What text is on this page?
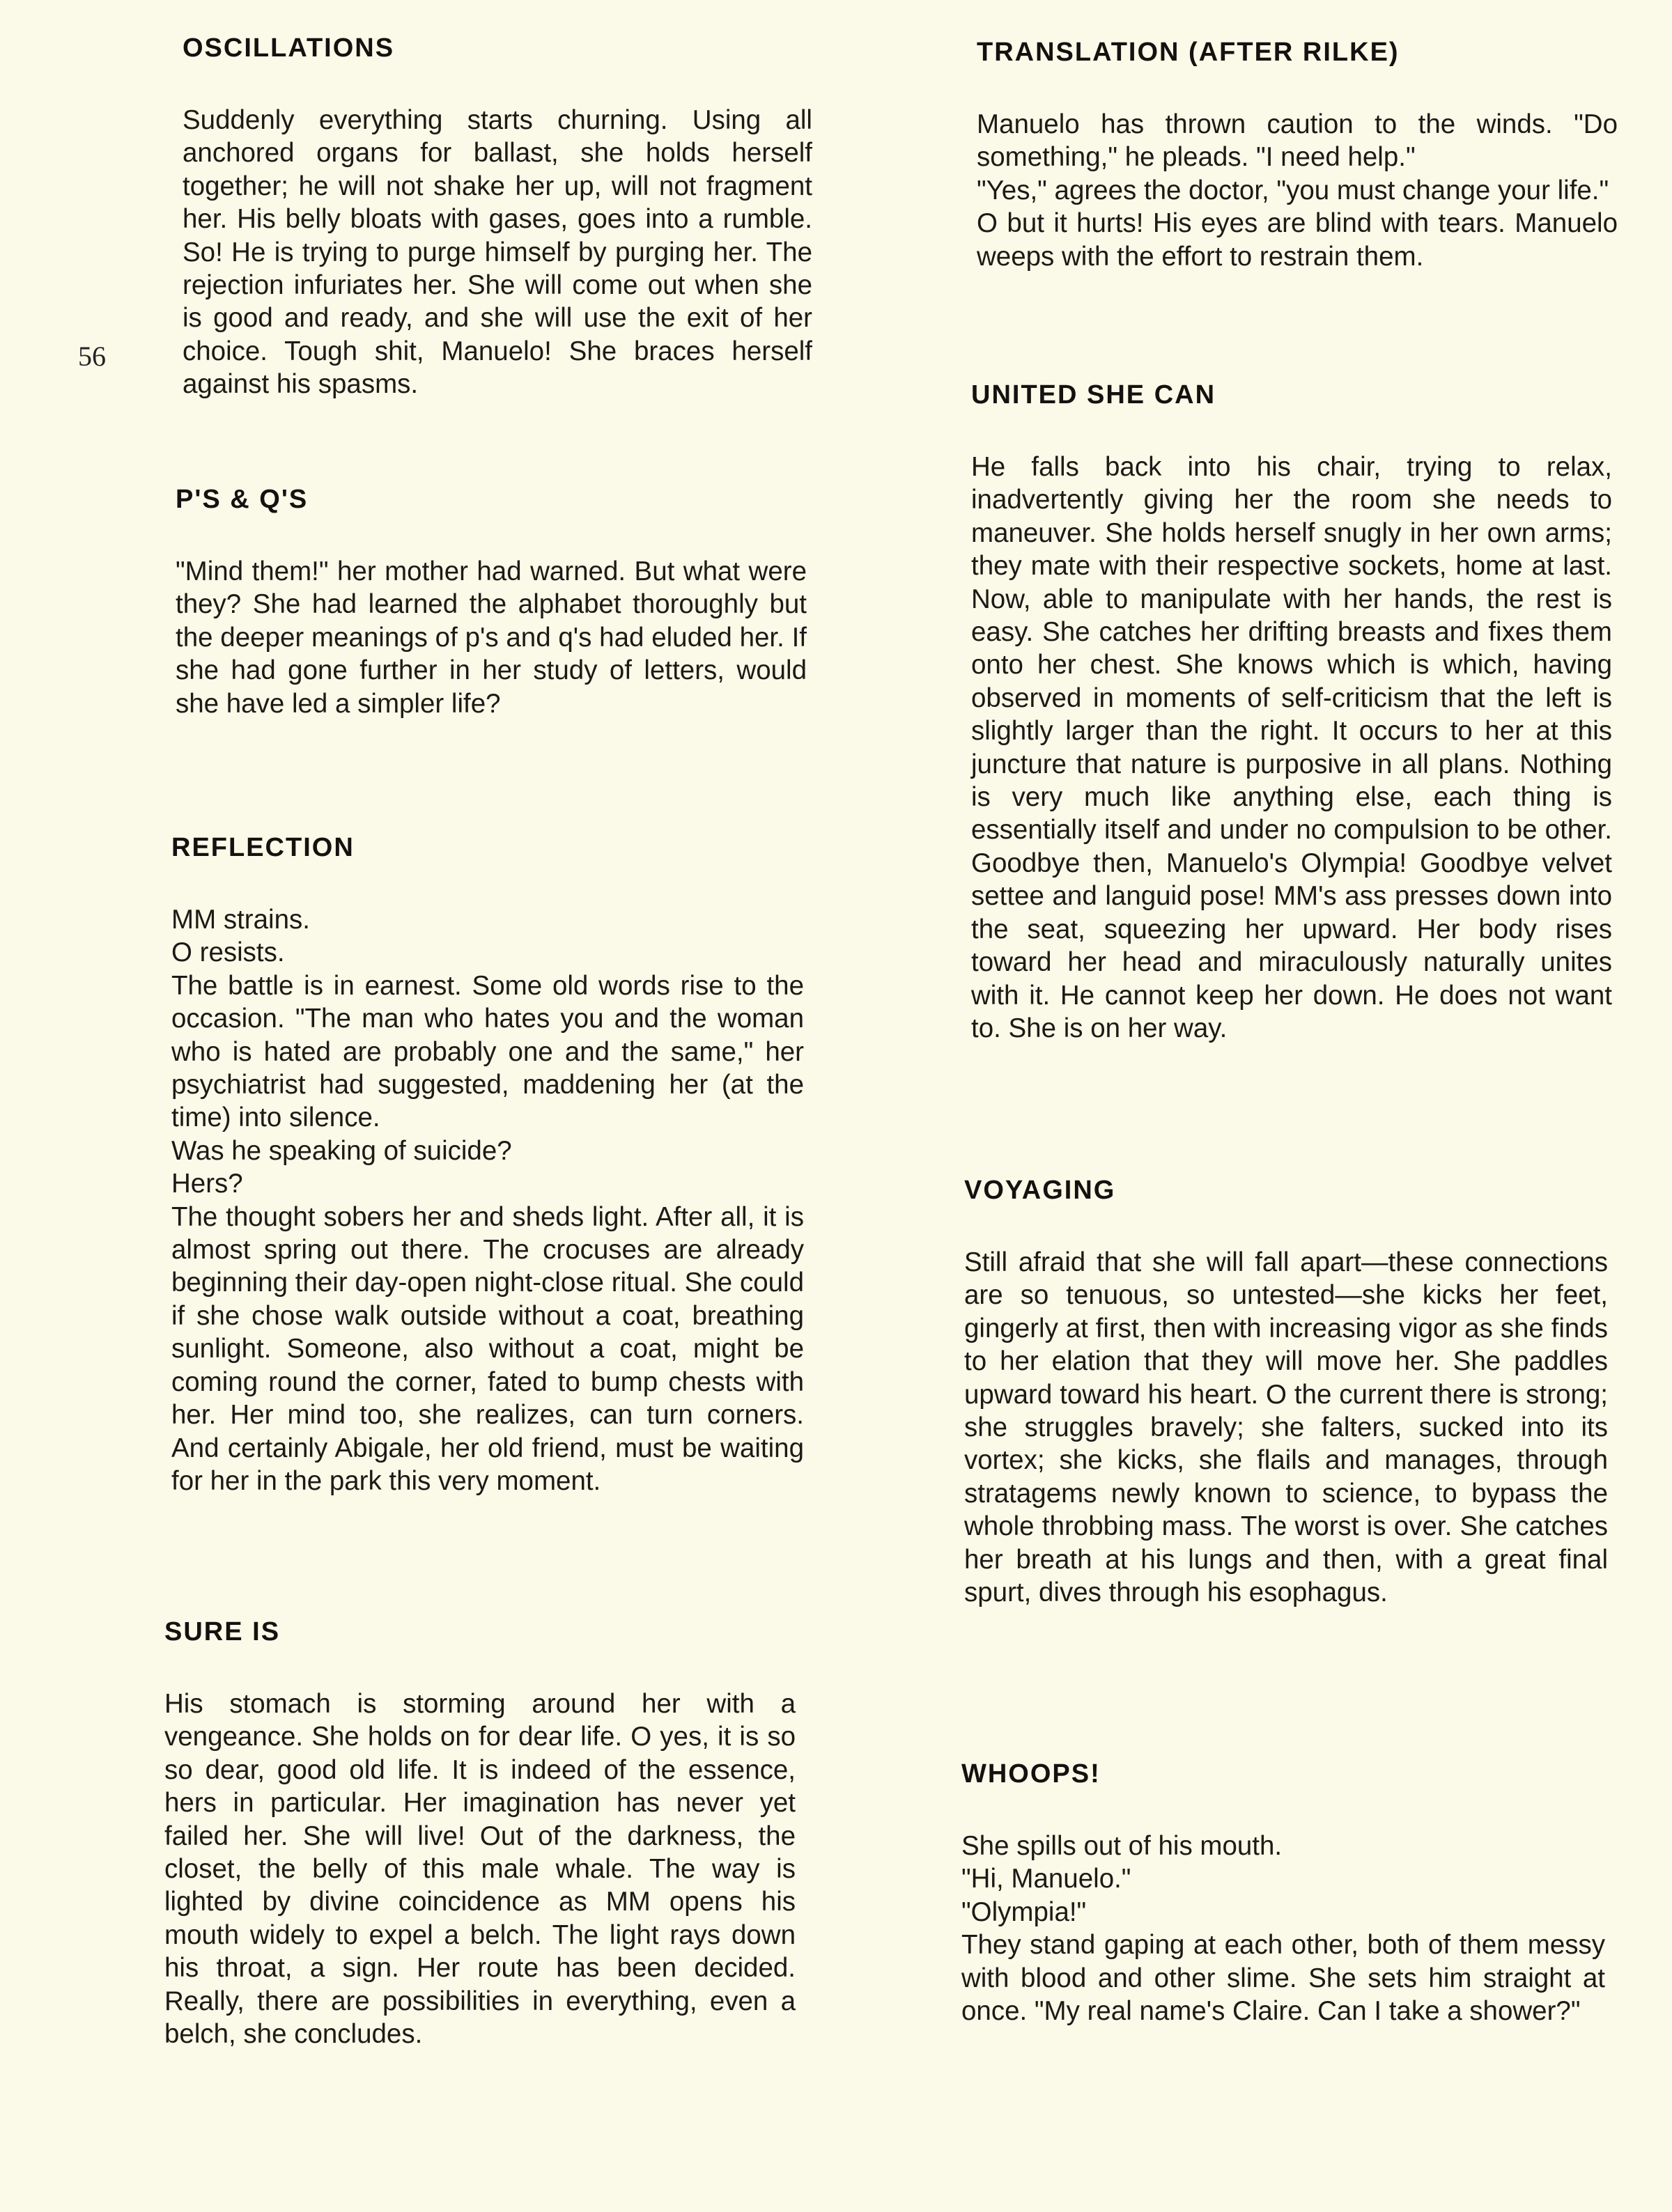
56
OSCILLATIONS

Suddenly everything starts churning. Using all anchored organs for ballast, she holds herself together; he will not shake her up, will not fragment her. His belly bloats with gases, goes into a rumble. So! He is trying to purge himself by purging her. The rejection infuriates her. She will come out when she is good and ready, and she will use the exit of her choice. Tough shit, Manuelo! She braces herself against his spasms.

P'S & Q'S

"Mind them!" her mother had warned. But what were they? She had learned the alphabet thoroughly but the deeper meanings of p's and q's had eluded her. If she had gone further in her study of letters, would she have led a simpler life?

REFLECTION

MM strains.

O resists.

The battle is in earnest. Some old words rise to the occasion. "The man who hates you and the woman who is hated are probably one and the same," her psychiatrist had suggested, maddening her (at the time) into silence.

Was he speaking of suicide?

Hers?

The thought sobers her and sheds light. After all, it is almost spring out there. The crocuses are already beginning their day-open night-close ritual. She could if she chose walk outside without a coat, breathing sunlight. Someone, also without a coat, might be coming round the corner, fated to bump chests with her. Her mind too, she realizes, can turn corners. And certainly Abigale, her old friend, must be waiting for her in the park this very moment.

SURE IS

His stomach is storming around her with a vengeance. She holds on for dear life. O yes, it is so so dear, good old life. It is indeed of the essence, hers in particular. Her imagination has never yet failed her. She will live! Out of the darkness, the closet, the belly of this male whale. The way is lighted by divine coincidence as MM opens his mouth widely to expel a belch. The light rays down his throat, a sign. Her route has been decided. Really, there are possibilities in everything, even a belch, she concludes.

TRANSLATION (AFTER RILKE)

Manuelo has thrown caution to the winds. "Do something," he pleads. "I need help."

"Yes," agrees the doctor, "you must change your life."

O but it hurts! His eyes are blind with tears. Manuelo weeps with the effort to restrain them.

UNITED SHE CAN

He falls back into his chair, trying to relax, inadvertently giving her the room she needs to maneuver. She holds herself snugly in her own arms; they mate with their respective sockets, home at last. Now, able to manipulate with her hands, the rest is easy. She catches her drifting breasts and fixes them onto her chest. She knows which is which, having observed in moments of self-criticism that the left is slightly larger than the right. It occurs to her at this juncture that nature is purposive in all plans. Nothing is very much like anything else, each thing is essentially itself and under no compulsion to be other. Goodbye then, Manuelo's Olympia! Goodbye velvet settee and languid pose! MM's ass presses down into the seat, squeezing her upward. Her body rises toward her head and miraculously naturally unites with it. He cannot keep her down. He does not want to. She is on her way.

VOYAGING

Still afraid that she will fall apart—these connections are so tenuous, so untested—she kicks her feet, gingerly at first, then with increasing vigor as she finds to her elation that they will move her. She paddles upward toward his heart. O the current there is strong; she struggles bravely; she falters, sucked into its vortex; she kicks, she flails and manages, through stratagems newly known to science, to bypass the whole throbbing mass. The worst is over. She catches her breath at his lungs and then, with a great final spurt, dives through his esophagus.

WHOOPS!

She spills out of his mouth.

"Hi, Manuelo."

"Olympia!"

They stand gaping at each other, both of them messy with blood and other slime. She sets him straight at once. "My real name's Claire. Can I take a shower?"
